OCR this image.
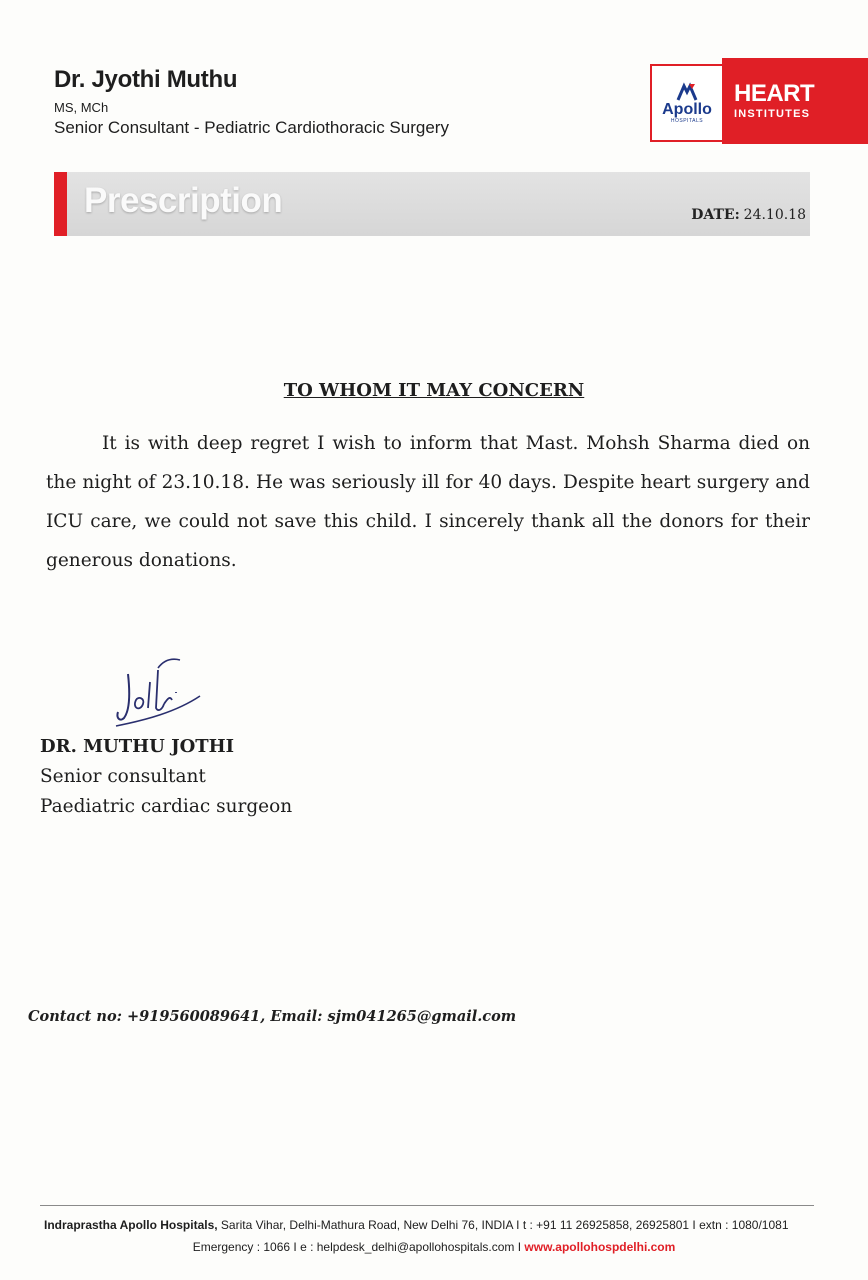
Dr. Jyothi Muthu
MS, MCh
Senior Consultant - Pediatric Cardiothoracic Surgery
Apollo
HOSPITALS
HEART
INSTITUTES
Prescription	DATE: 24.10.18
TO WHOM IT MAY CONCERN
It is with deep regret I wish to inform that Mast. Mohsh Sharma died on the night of 23.10.18. He was seriously ill for 40 days. Despite heart surgery and ICU care, we could not save this child. I sincerely thank all the donors for their generous donations.
DR. MUTHU JOTHI
Senior consultant
Paediatric cardiac surgeon
Contact no: +919560089641, Email: sjm041265@gmail.com
Indraprastha Apollo Hospitals, Sarita Vihar, Delhi-Mathura Road, New Delhi 76, INDIA I t : +91 11 26925858, 26925801 I extn : 1080/1081
Emergency : 1066 I e : helpdesk_delhi@apollohospitals.com I www.apollohospdelhi.com
